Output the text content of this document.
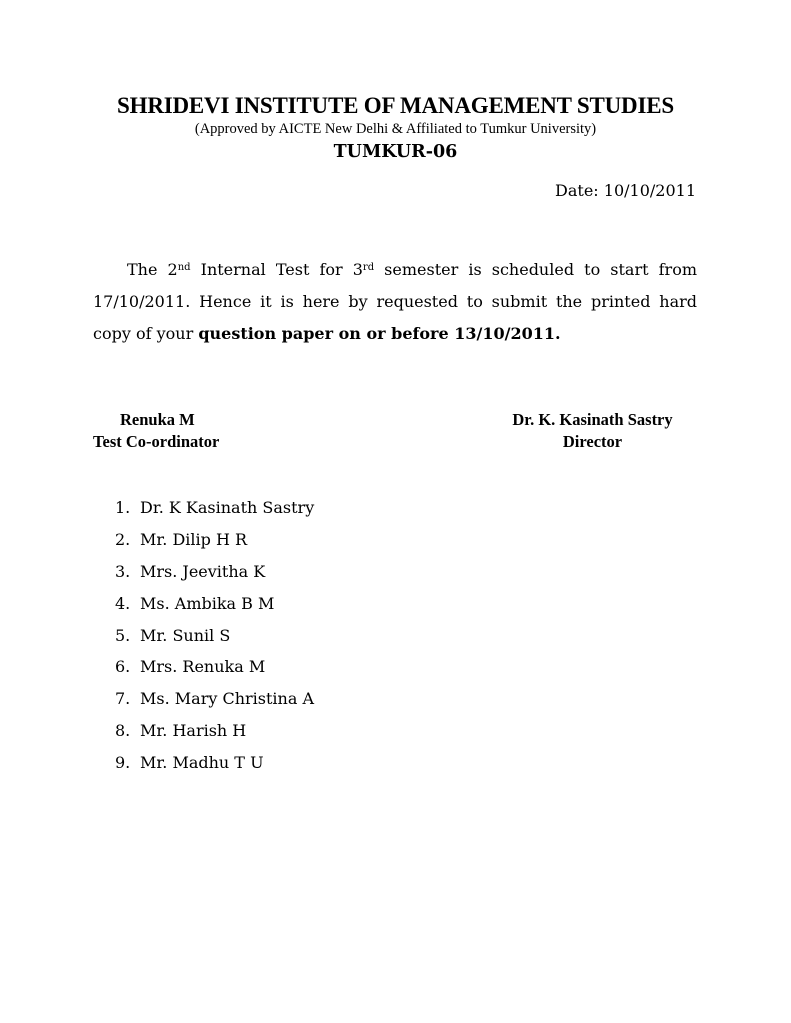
SHRIDEVI INSTITUTE OF MANAGEMENT STUDIES
(Approved by AICTE New Delhi & Affiliated to Tumkur University)
TUMKUR-06
Date: 10/10/2011

The 2nd Internal Test for 3rd semester is scheduled to start from 17/10/2011. Hence it is here by requested to submit the printed hard copy of your question paper on or before 13/10/2011.

Renuka M
Test Co-ordinator
Dr. K. Kasinath Sastry
Director
1. Dr. K Kasinath Sastry
2. Mr. Dilip H R
3. Mrs. Jeevitha K
4. Ms. Ambika B M
5. Mr. Sunil S
6. Mrs. Renuka M
7. Ms. Mary Christina A
8. Mr. Harish H
9. Mr. Madhu T U
